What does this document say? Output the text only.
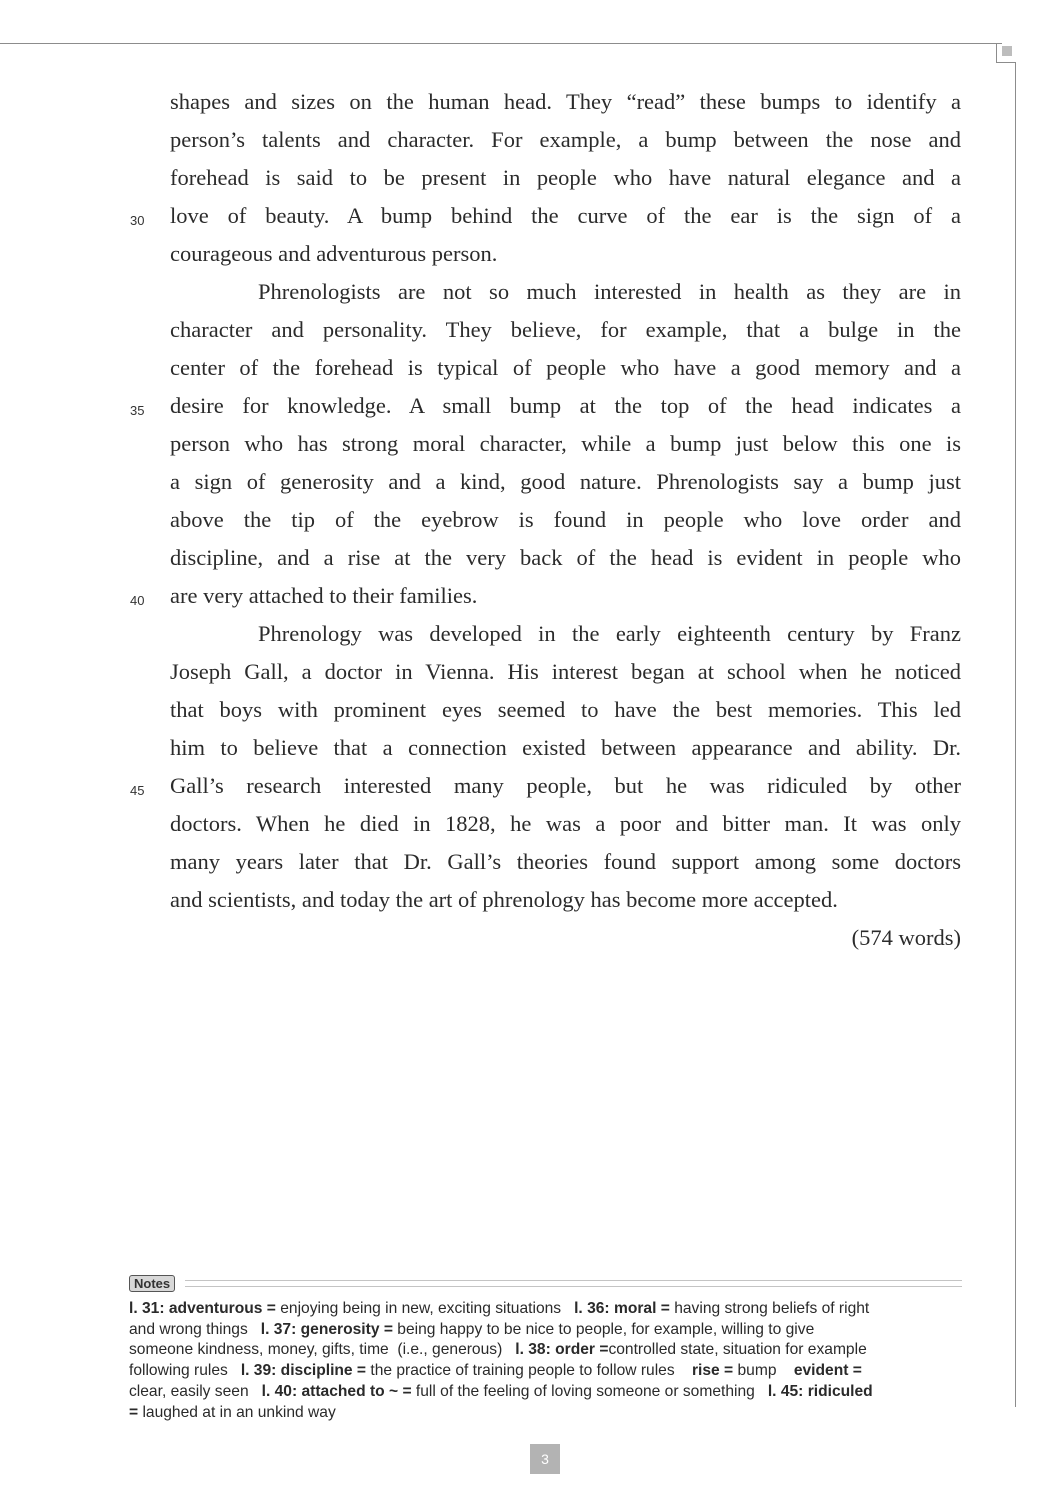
shapes and sizes on the human head. They “read” these bumps to identify a
person’s talents and character. For example, a bump between the nose and
forehead is said to be present in people who have natural elegance and a
love of beauty. A bump behind the curve of the ear is the sign of a
courageous and adventurous person.
Phrenologists are not so much interested in health as they are in
character and personality. They believe, for example, that a bulge in the
center of the forehead is typical of people who have a good memory and a
desire for knowledge. A small bump at the top of the head indicates a
person who has strong moral character, while a bump just below this one is
a sign of generosity and a kind, good nature. Phrenologists say a bump just
above the tip of the eyebrow is found in people who love order and
discipline, and a rise at the very back of the head is evident in people who
are very attached to their families.
Phrenology was developed in the early eighteenth century by Franz
Joseph Gall, a doctor in Vienna. His interest began at school when he noticed
that boys with prominent eyes seemed to have the best memories. This led
him to believe that a connection existed between appearance and ability. Dr.
Gall’s research interested many people, but he was ridiculed by other
doctors. When he died in 1828, he was a poor and bitter man. It was only
many years later that Dr. Gall’s theories found support among some doctors
and scientists, and today the art of phrenology has become more accepted.
(574 words)
30
35
40
45
Notes
l. 31: adventurous = enjoying being in new, exciting situations   l. 36: moral = having strong beliefs of right
and wrong things   l. 37: generosity = being happy to be nice to people, for example, willing to give
someone kindness, money, gifts, time  (i.e., generous)   l. 38: order =controlled state, situation for example
following rules   l. 39: discipline = the practice of training people to follow rules    rise = bump    evident =
clear, easily seen   l. 40: attached to ~ = full of the feeling of loving someone or something   l. 45: ridiculed
= laughed at in an unkind way
3
